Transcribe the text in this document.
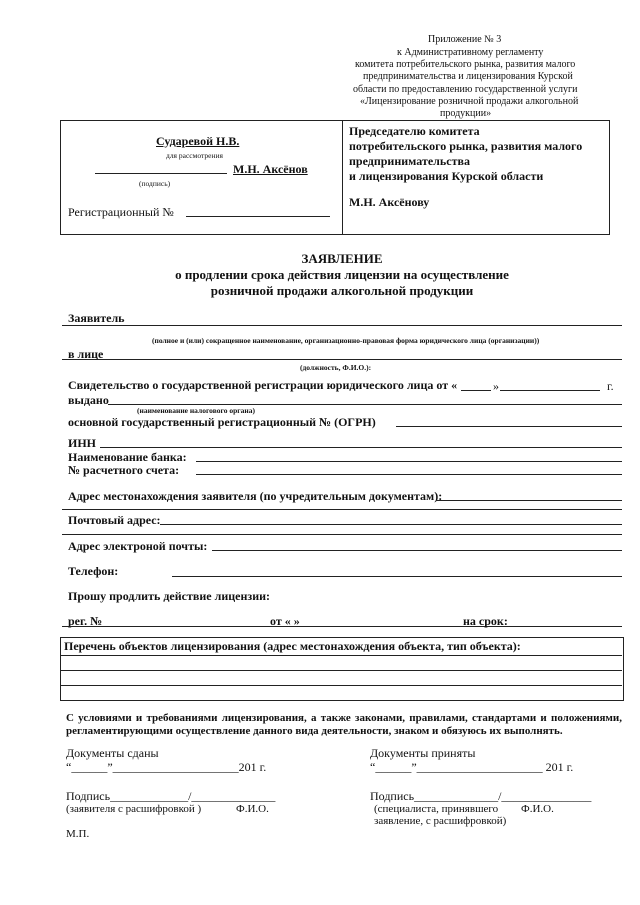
Приложение № 3
к Административному регламенту
комитета потребительского рынка, развития малого
предпринимательства и лицензирования Курской
области по предоставлению государственной услуги
«Лицензирование розничной продажи алкогольной
продукции»
Сударевой Н.В.
для рассмотрения
М.Н. Аксёнов
(подпись)
Регистрационный №
Председателю комитета
потребительского рынка, развития малого
предпринимательства
и лицензирования Курской области
М.Н. Аксёнову
ЗАЯВЛЕНИЕ
о продлении срока действия лицензии на осуществление
розничной продажи алкогольной продукции
Заявитель
(полное и (или) сокращенное наименование, организационно-правовая форма юридического лица (организации))
в лице
(должность, Ф.И.О.):
Свидетельство о государственной регистрации юридического лица от «	»	г.
выдано
(наименование налогового органа)
основной государственный регистрационный № (ОГРН)
ИНН
Наименование банка:
№ расчетного счета:
Адрес местонахождения заявителя (по учредительным документам):
Почтовый адрес:
Адрес электроной почты:
Телефон:
Прошу продлить действие лицензии:
рег. №	от « »	на срок:
Перечень объектов лицензирования (адрес местонахождения объекта, тип объекта):
С условиями и требованиями лицензирования, а также законами, правилами, стандартами и положениями, регламентирующими осуществление данного вида деятельности, знаком и обязуюсь их выполнять.
Документы сданы	Документы приняты
“______”_____________________201 г.	“______”_____________________ 201 г.
Подпись_____________/______________	Подпись______________/_______________
(заявителя с расшифровкой )	Ф.И.О.	(специалиста, принявшего Ф.И.О.
заявление, с расшифровкой)
М.П.
